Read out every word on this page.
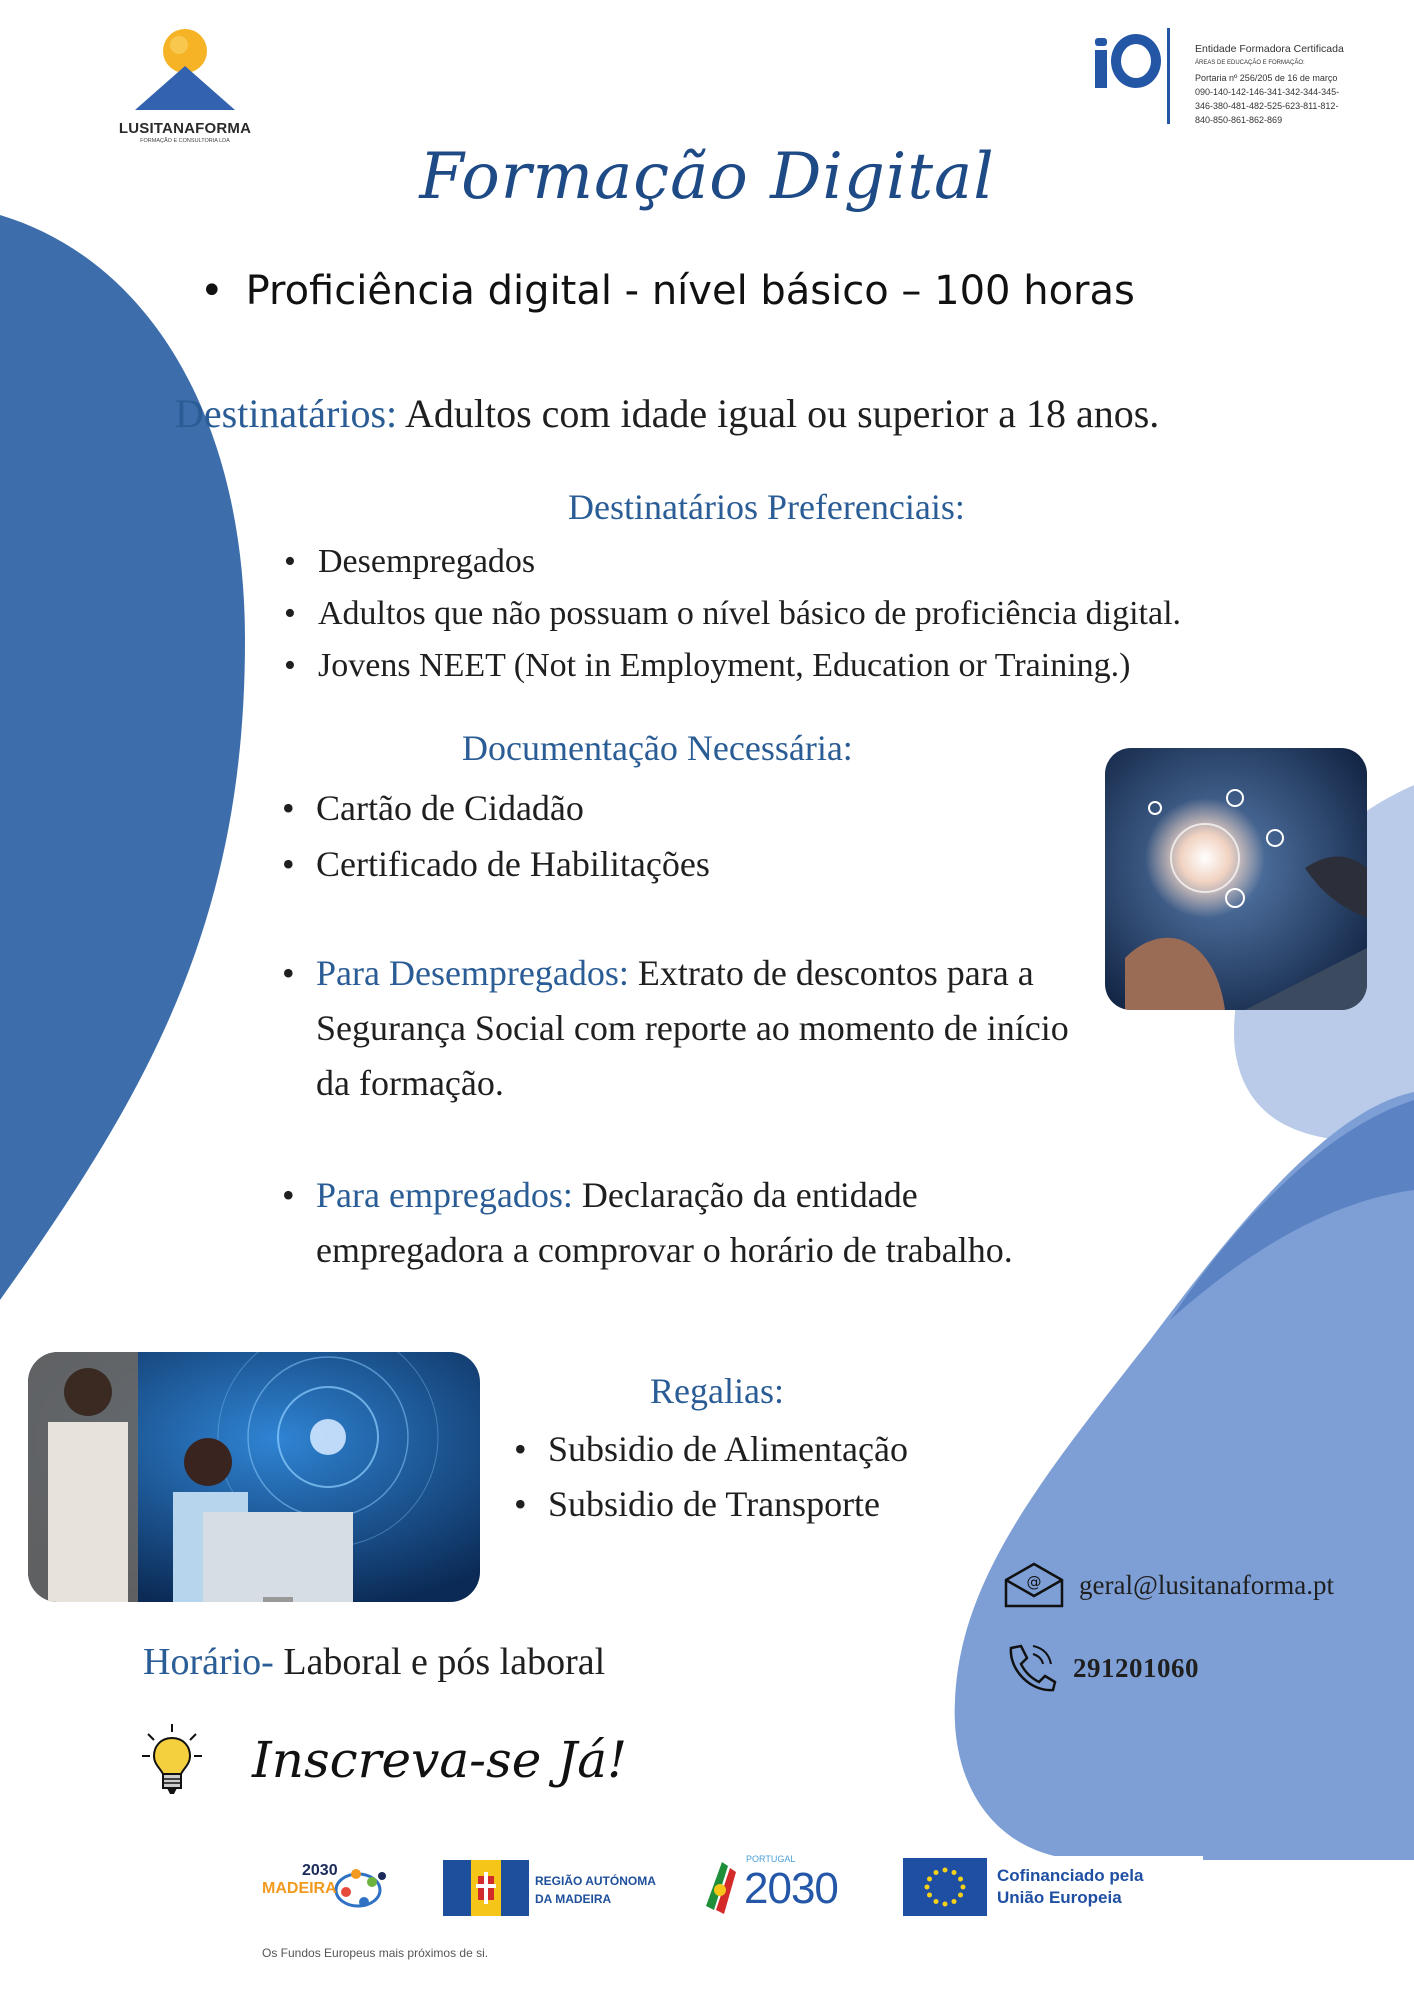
LUSITANAFORMA
FORMAÇÃO E CONSULTORIA LDA
Entidade Formadora Certificada
ÁREAS DE EDUCAÇÃO E FORMAÇÃO:
Portaria nº 256/205 de 16 de março
090-140-142-146-341-342-344-345-
346-380-481-482-525-623-811-812-
840-850-861-862-869
Formação Digital
• Proficiência digital - nível básico – 100 horas
Destinatários: Adultos com idade igual ou superior a 18 anos.
Destinatários Preferenciais:
• Desempregados
• Adultos que não possuam o nível básico de proficiência digital.
• Jovens NEET (Not in Employment, Education or Training.)
Documentação Necessária:
• Cartão de Cidadão
• Certificado de Habilitações
• Para Desempregados: Extrato de descontos para a Segurança Social com reporte ao momento de início da formação.
• Para empregados: Declaração da entidade empregadora a comprovar o horário de trabalho.
Regalias:
• Subsidio de Alimentação
• Subsidio de Transporte
Horário- Laboral e pós laboral
@ geral@lusitanaforma.pt
291201060
Inscreva-se Já!
2030
MADEIRA	REGIÃO AUTÓNOMA
DA MADEIRA
PORTUGAL
2030	Cofinanciado pela
União Europeia
Os Fundos Europeus mais próximos de si.
